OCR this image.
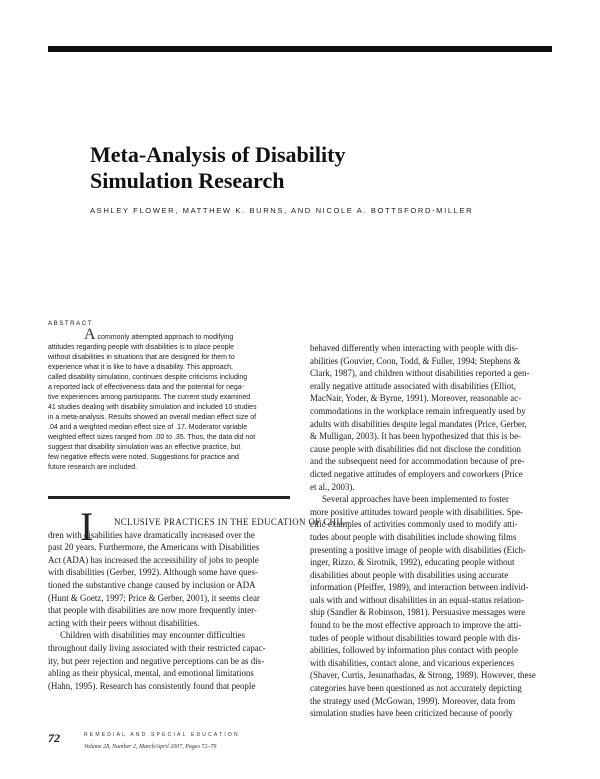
Meta-Analysis of Disability
Simulation Research
ASHLEY FLOWER, MATTHEW K. BURNS, AND NICOLE A. BOTTSFORD-MILLER
ABSTRACT
A commonly attempted approach to modifying
attitudes regarding people with disabilities is to place people
without disabilities in situations that are designed for them to
experience what it is like to have a disability. This approach,
called disability simulation, continues despite criticisms including
a reported lack of effectiveness data and the potential for nega-
tive experiences among participants. The current study examined
41 studies dealing with disability simulation and included 10 studies
in a meta-analysis. Results showed an overall median effect size of
.04 and a weighted median effect size of .17. Moderator variable
weighted effect sizes ranged from .00 to .35. Thus, the data did not
suggest that disability simulation was an effective practice, but
few negative effects were noted. Suggestions for practice and
future research are included.
I	NCLUSIVE PRACTICES IN THE EDUCATION OF CHIL-
dren with disabilities have dramatically increased over the
past 20 years. Furthermore, the Americans with Disabilities
Act (ADA) has increased the accessibility of jobs to people
with disabilities (Gerber, 1992). Although some have ques-
tioned the substantive change caused by inclusion or ADA
(Hunt & Goetz, 1997; Price & Gerber, 2001), it seems clear
that people with disabilities are now more frequently inter-
acting with their peers without disabilities.
Children with disabilities may encounter difficulties
throughout daily living associated with their restricted capac-
ity, but peer rejection and negative perceptions can be as dis-
abling as their physical, mental, and emotional limitations
(Hahn, 1995). Research has consistently found that people
behaved differently when interacting with people with dis-
abilities (Gouvier, Coon, Todd, & Fuller, 1994; Stephens &
Clark, 1987), and children without disabilities reported a gen-
erally negative attitude associated with disabilities (Elliot,
MacNair, Yoder, & Byrne, 1991). Moreover, reasonable ac-
commodations in the workplace remain infrequently used by
adults with disabilities despite legal mandates (Price, Gerber,
& Mulligan, 2003). It has been hypothesized that this is be-
cause people with disabilities did not disclose the condition
and the subsequent need for accommodation because of pre-
dicted negative attitudes of employers and coworkers (Price
et al., 2003).
Several approaches have been implemented to foster
more positive attitudes toward people with disabilities. Spe-
cific examples of activities commonly used to modify atti-
tudes about people with disabilities include showing films
presenting a positive image of people with disabilities (Eich-
inger, Rizzo, & Sirotnik, 1992), educating people without
disabilities about people with disabilities using accurate
information (Pfeiffer, 1989), and interaction between individ-
uals with and without disabilities in an equal-status relation-
ship (Sandler & Robinson, 1981). Persuasive messages were
found to be the most effective approach to improve the atti-
tudes of people without disabilities toward people with dis-
abilities, followed by information plus contact with people
with disabilities, contact alone, and vicarious experiences
(Shaver, Curtis, Jesunathadas, & Strong, 1989). However, these
categories have been questioned as not accurately depicting
the strategy used (McGowan, 1999). Moreover, data from
simulation studies have been criticized because of poorly
72	REMEDIAL AND SPECIAL EDUCATION
Volume 28, Number 2, March/April 2007, Pages 72–79
